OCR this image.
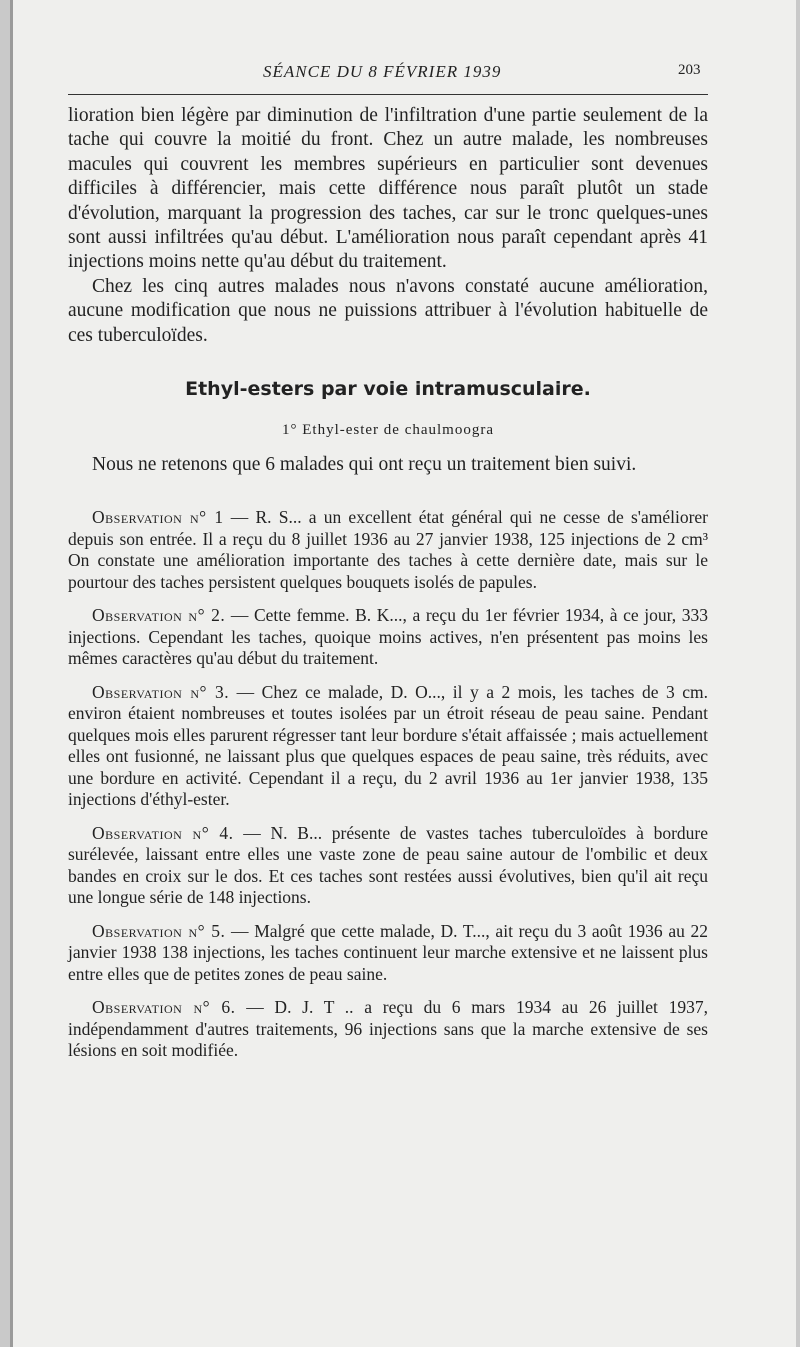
SÉANCE DU 8 FÉVRIER 1939	203

lioration bien légère par diminution de l'infiltration d'une partie seulement de la tache qui couvre la moitié du front. Chez un autre malade, les nombreuses macules qui couvrent les membres supérieurs en particulier sont devenues difficiles à différencier, mais cette différence nous paraît plutôt un stade d'évolution, marquant la progression des taches, car sur le tronc quelques-unes sont aussi infiltrées qu'au début. L'amélioration nous paraît cependant après 41 injections moins nette qu'au début du traitement.

Chez les cinq autres malades nous n'avons constaté aucune amélioration, aucune modification que nous ne puissions attribuer à l'évolution habituelle de ces tuberculoïdes.

Ethyl-esters par voie intramusculaire.
1° Ethyl-ester de chaulmoogra

Nous ne retenons que 6 malades qui ont reçu un traitement bien suivi.

Observation n° 1 — R. S... a un excellent état général qui ne cesse de s'améliorer depuis son entrée. Il a reçu du 8 juillet 1936 au 27 janvier 1938, 125 injections de 2 cm³ On constate une amélioration importante des taches à cette dernière date, mais sur le pourtour des taches persistent quelques bouquets isolés de papules.

Observation n° 2. — Cette femme. B. K..., a reçu du 1er février 1934, à ce jour, 333 injections. Cependant les taches, quoique moins actives, n'en présentent pas moins les mêmes caractères qu'au début du traitement.

Observation n° 3. — Chez ce malade, D. O..., il y a 2 mois, les taches de 3 cm. environ étaient nombreuses et toutes isolées par un étroit réseau de peau saine. Pendant quelques mois elles parurent régresser tant leur bordure s'était affaissée ; mais actuellement elles ont fusionné, ne laissant plus que quelques espaces de peau saine, très réduits, avec une bordure en activité. Cependant il a reçu, du 2 avril 1936 au 1er janvier 1938, 135 injections d'éthyl-ester.

Observation n° 4. — N. B... présente de vastes taches tuberculoïdes à bordure surélevée, laissant entre elles une vaste zone de peau saine autour de l'ombilic et deux bandes en croix sur le dos. Et ces taches sont restées aussi évolutives, bien qu'il ait reçu une longue série de 148 injections.

Observation n° 5. — Malgré que cette malade, D. T..., ait reçu du 3 août 1936 au 22 janvier 1938 138 injections, les taches continuent leur marche extensive et ne laissent plus entre elles que de petites zones de peau saine.

Observation n° 6. — D. J. T .. a reçu du 6 mars 1934 au 26 juillet 1937, indépendamment d'autres traitements, 96 injections sans que la marche extensive de ses lésions en soit modifiée.
